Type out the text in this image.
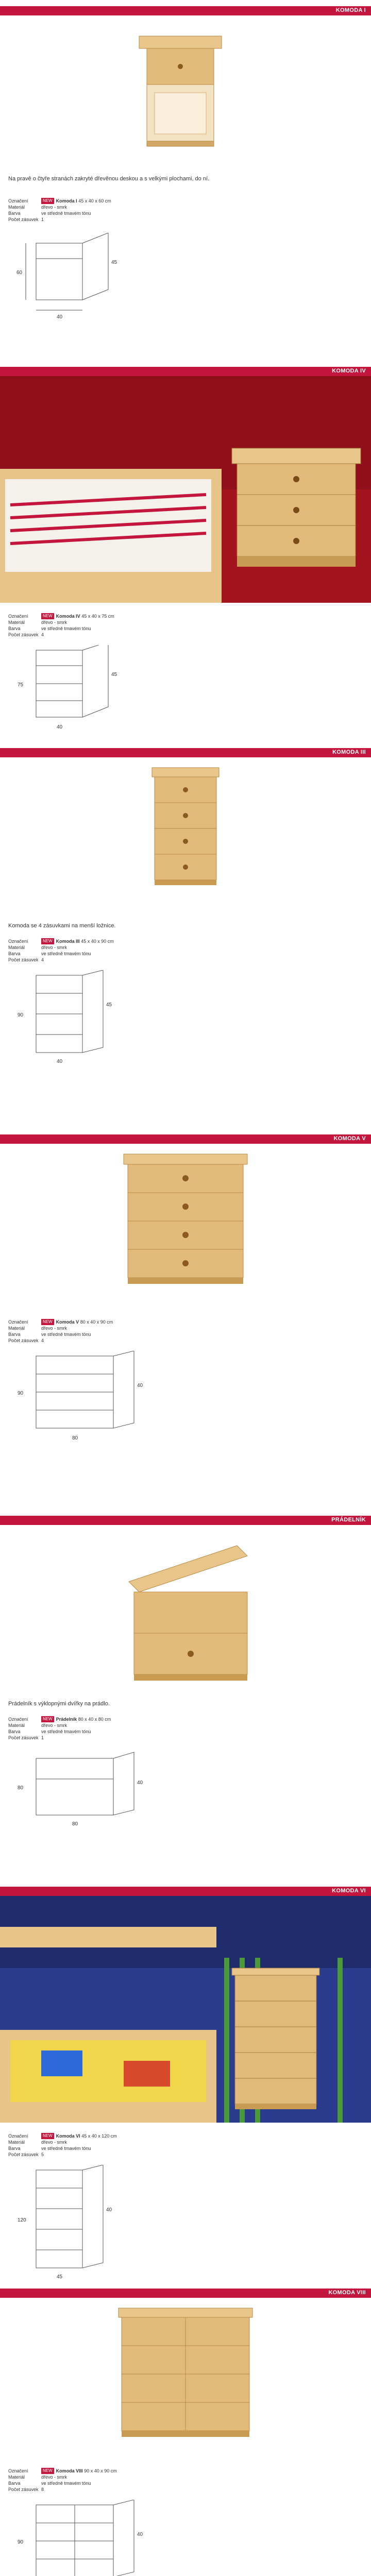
KOMODA I
Na pravě o čtyře stranách zakryté dřevěnou deskou a s velkými plochami, do ní.
Označení	NEW Komoda I
45 x 40 x 60 cm
Materiál	dřevo - smrk
Barva	ve středně tmavém tónu
Počet zásuvek 1
40
60
45
KOMODA IV
Označení	NEW Komoda IV
45 x 40 x 75 cm
Materiál	dřevo - smrk
Barva	ve středně tmavém tónu
Počet zásuvek 4
40
75
45
KOMODA III
Komoda se 4 zásuvkami na menší ložnice.
Označení	NEW Komoda III
45 x 40 x 90 cm
Materiál	dřevo - smrk
Barva	ve středně tmavém tónu
Počet zásuvek 4
40
90
45
KOMODA V
Označení	NEW Komoda V
80 x 40 x 90 cm
Materiál	dřevo - smrk
Barva	ve středně tmavém tónu
Počet zásuvek 4
80
90
40
PRÁDELNÍK
Prádelník s výklopnými dvířky na prádlo.
Označení	NEW Prádelník
80 x 40 x 80 cm
Materiál	dřevo - smrk
Barva	ve středně tmavém tónu
Počet zásuvek 1
80
80
40
KOMODA VI
Označení	NEW Komoda VI
45 x 40 x 120 cm
Materiál	dřevo - smrk
Barva	ve středně tmavém tónu
Počet zásuvek 5
45
120
40
KOMODA VIII
Označení	NEW Komoda VIII
90 x 40 x 90 cm
Materiál	dřevo - smrk
Barva	ve středně tmavém tónu
Počet zásuvek 8
90
40
